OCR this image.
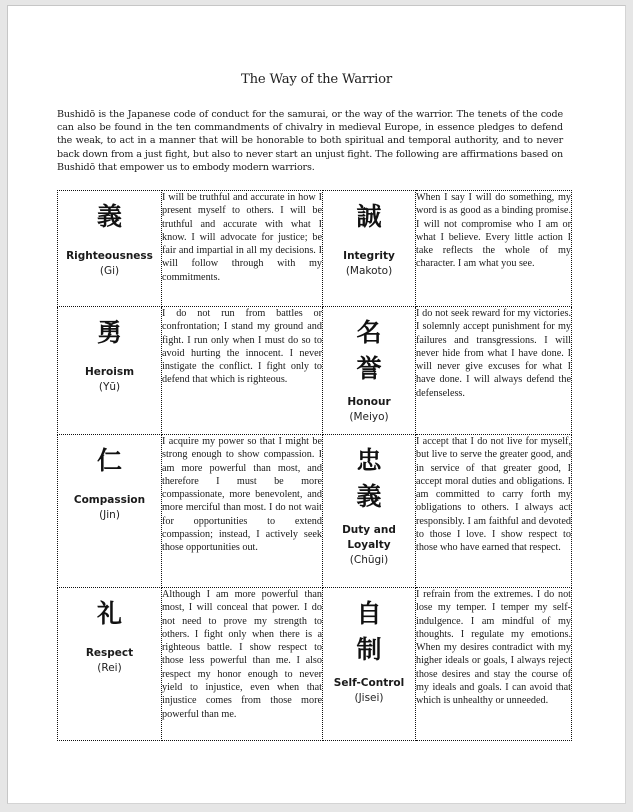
The Way of the Warrior
Bushidō is the Japanese code of conduct for the samurai, or the way of the warrior. The tenets of the code can also be found in the ten commandments of chivalry in medieval Europe, in essence pledges to defend the weak, to act in a manner that will be honorable to both spiritual and temporal authority, and to never back down from a just fight, but also to never start an unjust fight. The following are affirmations based on Bushidō that empower us to embody modern warriors.
義
Righteousness
(Gi)
	I will be truthful and accurate in how I present myself to others. I will be truthful and accurate with what I know. I will advocate for justice; be fair and impartial in all my decisions. I will follow through with my commitments.	
誠
Integrity
(Makoto)
	When I say I will do something, my word is as good as a binding promise. I will not compromise who I am or what I believe. Every little action I take reflects the whole of my character. I am what you see.

勇
Heroism
(Yū)
	I do not run from battles or confrontation; I stand my ground and fight. I run only when I must do so to avoid hurting the innocent. I never instigate the conflict. I fight only to defend that which is righteous.	
名
誉
Honour
(Meiyo)
	I do not seek reward for my victories. I solemnly accept punishment for my failures and transgressions. I will never hide from what I have done. I will never give excuses for what I have done. I will always defend the defenseless.

仁
Compassion
(Jin)
	I acquire my power so that I might be strong enough to show compassion. I am more powerful than most, and therefore I must be more compassionate, more benevolent, and more merciful than most. I do not wait for opportunities to extend compassion; instead, I actively seek those opportunities out.	
忠
義
Duty and Loyalty
(Chūgi)
	I accept that I do not live for myself, but live to serve the greater good, and in service of that greater good, I accept moral duties and obligations. I am committed to carry forth my obligations to others. I always act responsibly. I am faithful and devoted to those I love. I show respect to those who have earned that respect.

礼
Respect
(Rei)
	Although I am more powerful than most, I will conceal that power. I do not need to prove my strength to others. I fight only when there is a righteous battle. I show respect to those less powerful than me. I also respect my honor enough to never yield to injustice, even when that injustice comes from those more powerful than me.	
自
制
Self-Control
(Jisei)
	I refrain from the extremes. I do not lose my temper. I temper my self-indulgence. I am mindful of my thoughts. I regulate my emotions. When my desires contradict with my higher ideals or goals, I always reject those desires and stay the course of my ideals and goals. I can avoid that which is unhealthy or unneeded.
